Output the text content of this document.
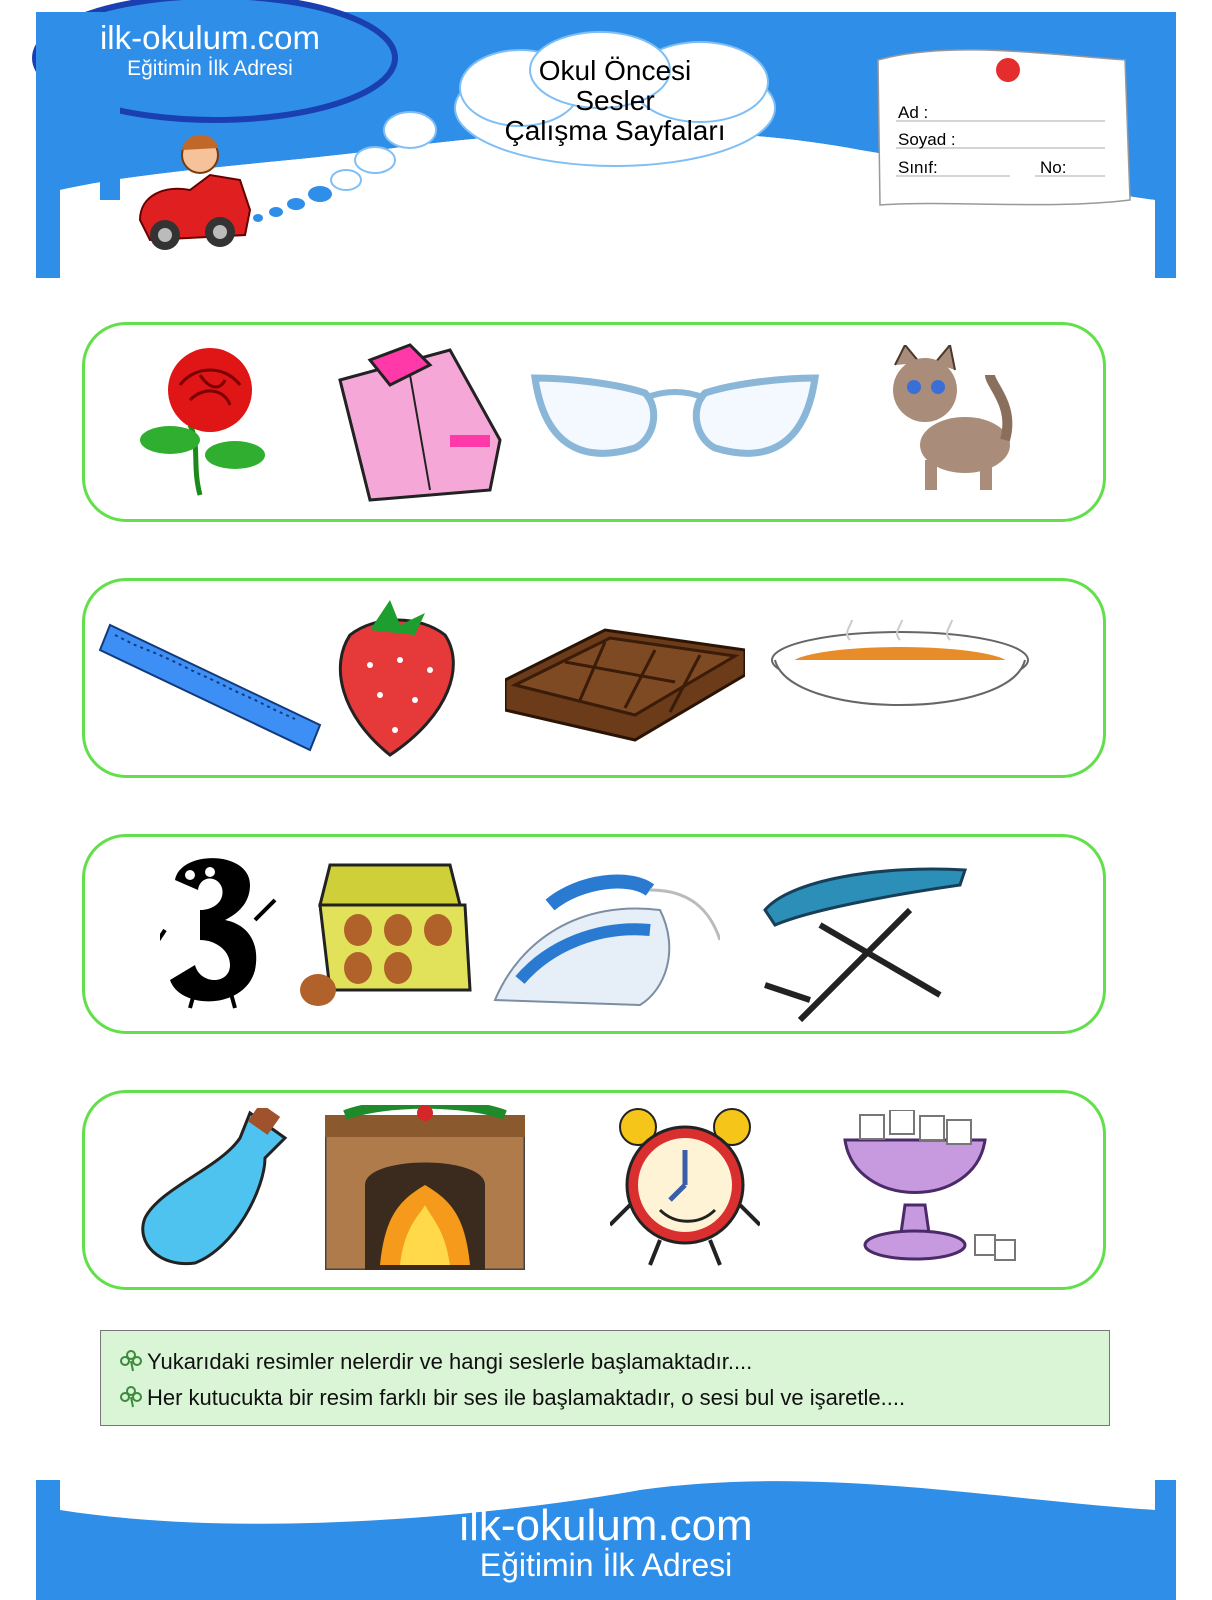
ilk-okulum.com
Eğitimin İlk Adresi	Okul Öncesi
Sesler
Çalışma Sayfaları
Ad :
Soyad :
Sınıf:	No:
Yukarıdaki resimler nelerdir ve hangi seslerle başlamaktadır....
Her kutucukta bir resim farklı bir ses ile başlamaktadır, o sesi bul ve işaretle....
ilk-okulum.com
Eğitimin İlk Adresi
